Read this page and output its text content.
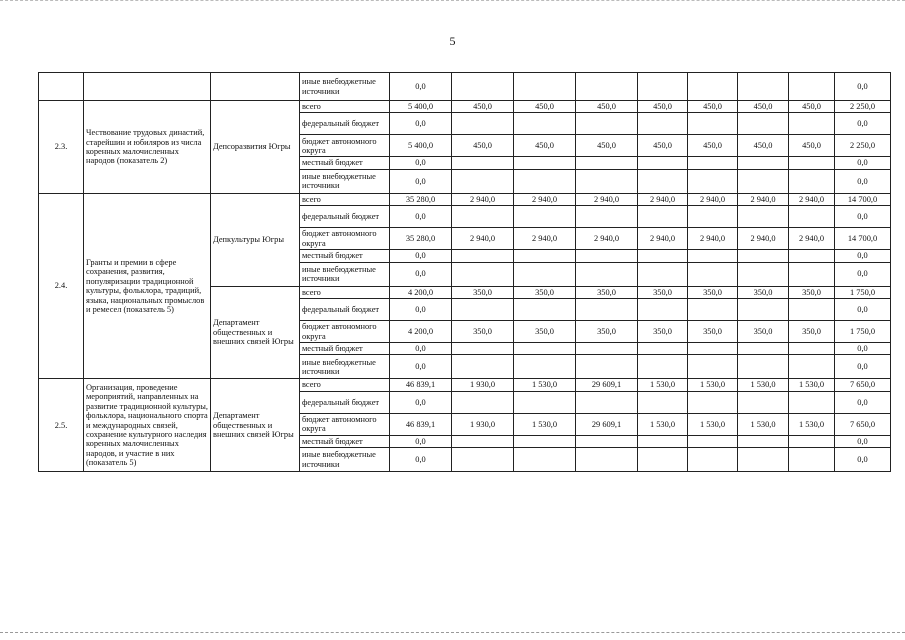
5
			иные внебюджетные источники	0,0								0,0
2.3.	Чествование трудовых династий, старейшин и юбиляров из числа коренных малочисленных народов (показатель 2)	Депсоразвития Югры	всего	5 400,0	450,0	450,0	450,0	450,0	450,0	450,0	450,0	2 250,0
			федеральный бюджет	0,0								0,0
			бюджет автономного округа	5 400,0	450,0	450,0	450,0	450,0	450,0	450,0	450,0	2 250,0
			местный бюджет	0,0								0,0
			иные внебюджетные источники	0,0								0,0
2.4.	Гранты и премии в сфере сохранения, развития, популяризации традиционной культуры, фольклора, традиций, языка, национальных промыслов и ремесел (показатель 5)	Депкультуры Югры	всего	35 280,0	2 940,0	2 940,0	2 940,0	2 940,0	2 940,0	2 940,0	2 940,0	14 700,0
			федеральный бюджет	0,0								0,0
			бюджет автономного округа	35 280,0	2 940,0	2 940,0	2 940,0	2 940,0	2 940,0	2 940,0	2 940,0	14 700,0
			местный бюджет	0,0								0,0
			иные внебюджетные источники	0,0								0,0
		Департамент общественных и внешних связей Югры	всего	4 200,0	350,0	350,0	350,0	350,0	350,0	350,0	350,0	1 750,0
			федеральный бюджет	0,0								0,0
			бюджет автономного округа	4 200,0	350,0	350,0	350,0	350,0	350,0	350,0	350,0	1 750,0
			местный бюджет	0,0								0,0
			иные внебюджетные источники	0,0								0,0
2.5.	Организация, проведение мероприятий, направленных на развитие традиционной культуры, фольклора, национального спорта и международных связей, сохранение культурного наследия коренных малочисленных народов, и участие в них (показатель 5)	Департамент общественных и внешних связей Югры	всего	46 839,1	1 930,0	1 530,0	29 609,1	1 530,0	1 530,0	1 530,0	1 530,0	7 650,0
			федеральный бюджет	0,0								0,0
			бюджет автономного округа	46 839,1	1 930,0	1 530,0	29 609,1	1 530,0	1 530,0	1 530,0	1 530,0	7 650,0
			местный бюджет	0,0								0,0
			иные внебюджетные источники	0,0								0,0
